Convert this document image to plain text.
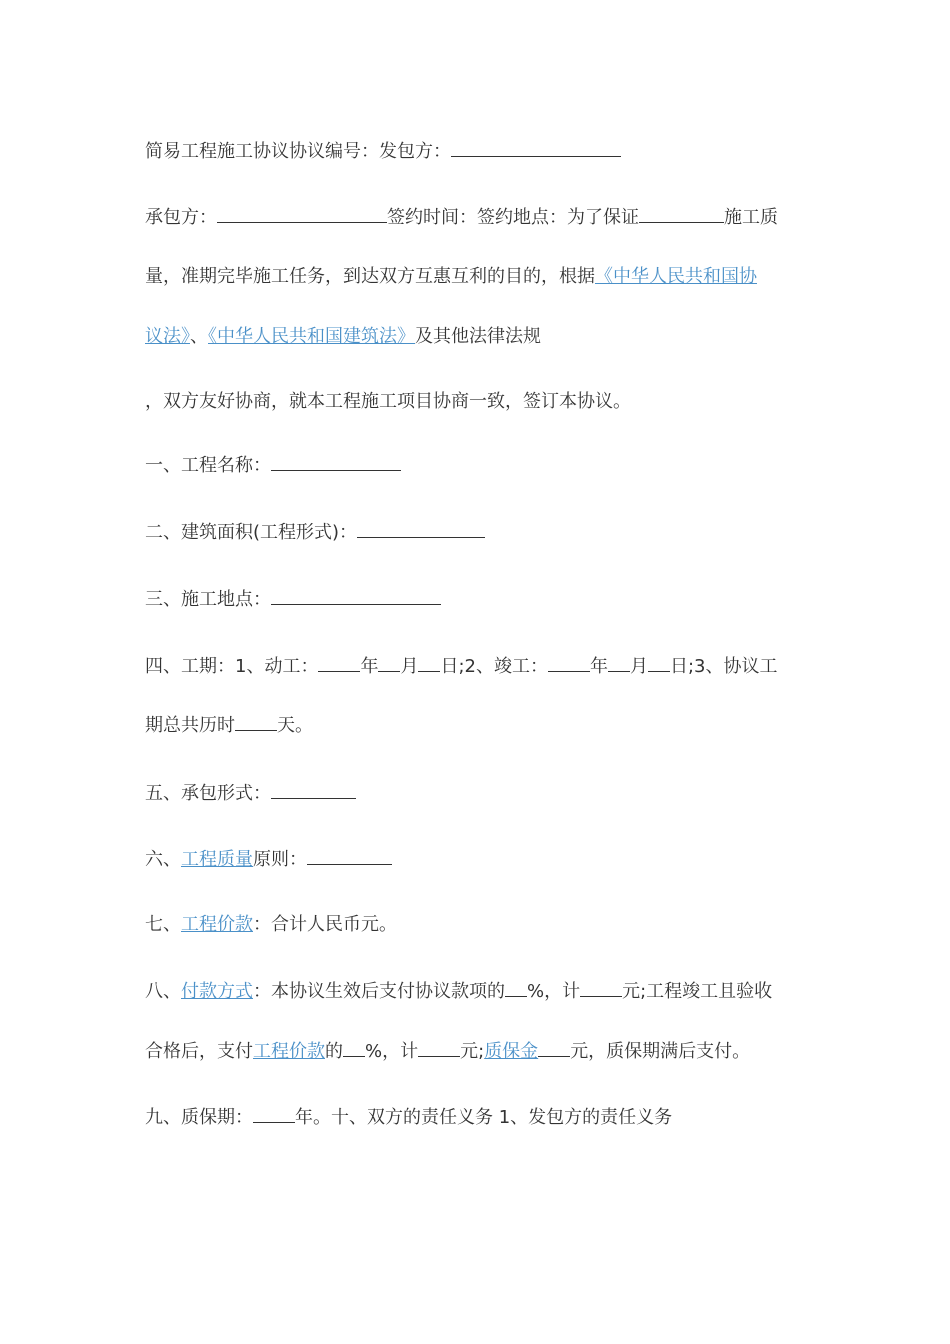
简易工程施工协议协议编号：发包方：
承包方：	签约时间：签约地点：为了保证	施工质
量，准期完毕施工任务，到达双方互惠互利的目的，根据《中华人民共和国协
议法》、《中华人民共和国建筑法》及其他法律法规
，双方友好协商，就本工程施工项目协商一致，签订本协议。
一、工程名称：
二、建筑面积(工程形式)：
三、施工地点：
四、工期：1、动工： 年 月 日;2、竣工： 年 月 日;3、协议工
期总共历时 天。
五、承包形式：
六、工程质量原则：
七、工程价款：合计人民币元。
八、付款方式：本协议生效后支付协议款项的 %，计 元;工程竣工且验收
合格后，支付工程价款的 %，计 元;质保金 元，质保期满后支付。
九、质保期： 年。十、双方的责任义务 1、发包方的责任义务
